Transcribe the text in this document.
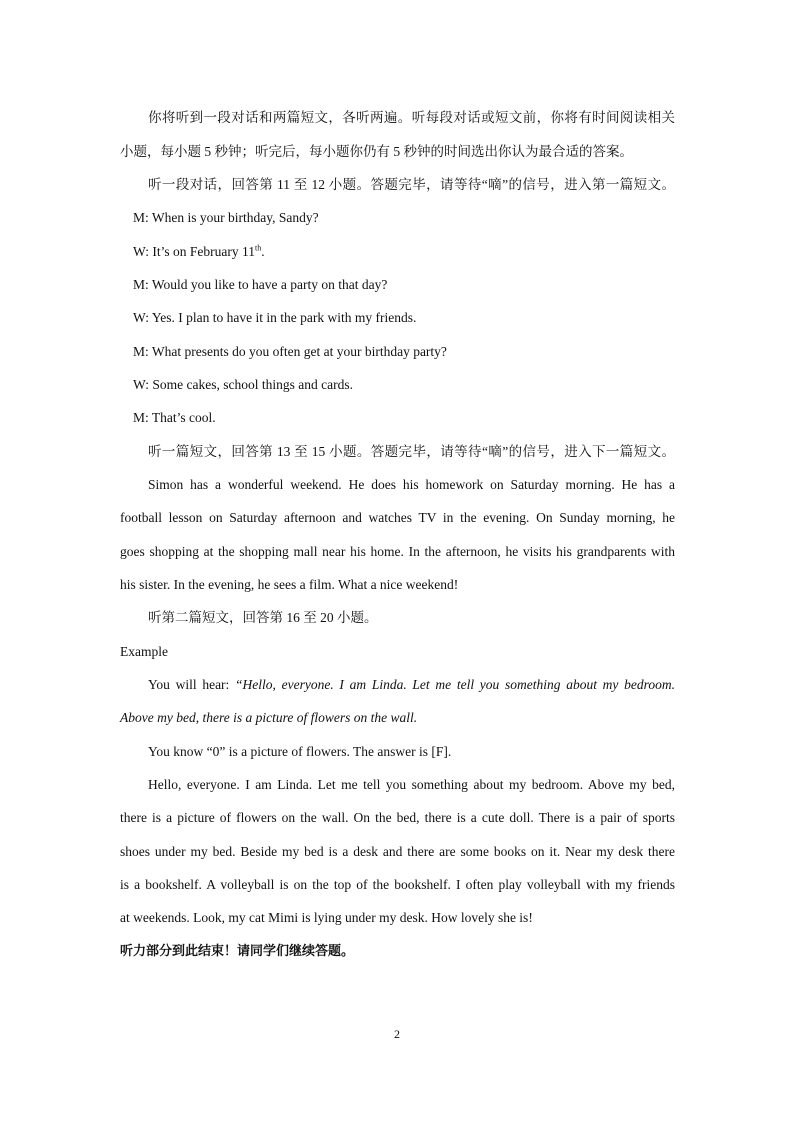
你将听到一段对话和两篇短文，各听两遍。听每段对话或短文前，你将有时间阅读相关
小题，每小题 5 秒钟；听完后，每小题你仍有 5 秒钟的时间选出你认为最合适的答案。
听一段对话，回答第 11 至 12 小题。答题完毕，请等待“嘀”的信号，进入第一篇短文。
M: When is your birthday, Sandy?
W: It’s on February 11th.
M: Would you like to have a party on that day?
W: Yes. I plan to have it in the park with my friends.
M: What presents do you often get at your birthday party?
W: Some cakes, school things and cards.
M: That’s cool.
听一篇短文，回答第 13 至 15 小题。答题完毕，请等待“嘀”的信号，进入下一篇短文。
Simon has a wonderful weekend. He does his homework on Saturday morning. He has a
football lesson on Saturday afternoon and watches TV in the evening. On Sunday morning, he
goes shopping at the shopping mall near his home. In the afternoon, he visits his grandparents with
his sister. In the evening, he sees a film. What a nice weekend!
听第二篇短文，回答第 16 至 20 小题。
Example
You will hear: “Hello, everyone. I am Linda. Let me tell you something about my bedroom.
Above my bed, there is a picture of flowers on the wall.
You know “0” is a picture of flowers. The answer is [F].
Hello, everyone. I am Linda. Let me tell you something about my bedroom. Above my bed,
there is a picture of flowers on the wall. On the bed, there is a cute doll. There is a pair of sports
shoes under my bed. Beside my bed is a desk and there are some books on it. Near my desk there
is a bookshelf. A volleyball is on the top of the bookshelf. I often play volleyball with my friends
at weekends. Look, my cat Mimi is lying under my desk. How lovely she is!
听力部分到此结束！请同学们继续答题。
2
